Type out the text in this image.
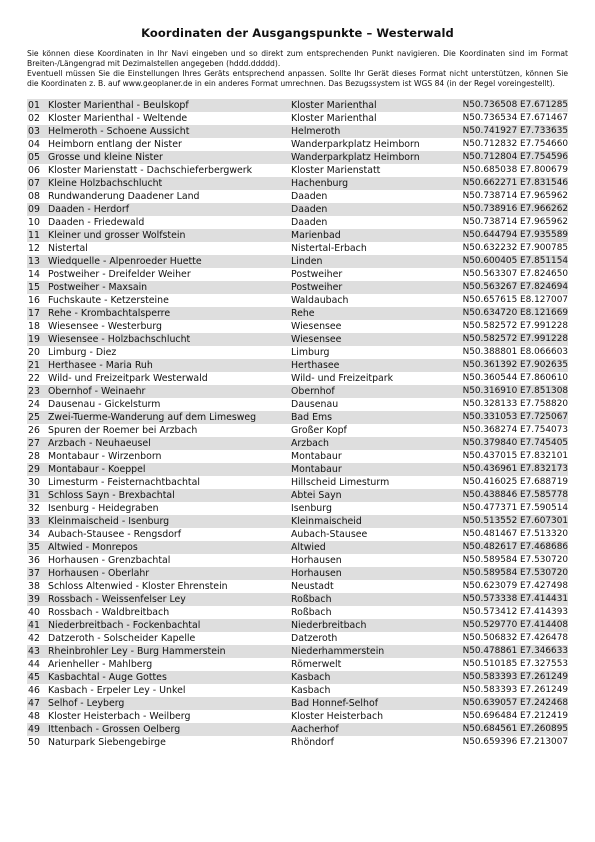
Koordinaten der Ausgangspunkte – Westerwald

Sie können diese Koordinaten in Ihr Navi eingeben und so direkt zum entsprechenden Punkt navigieren. Die Koordinaten sind im Format Breiten-/Längengrad mit Dezimalstellen angegeben (hddd.ddddd).

Eventuell müssen Sie die Einstellungen Ihres Geräts entsprechend anpassen. Sollte Ihr Gerät dieses Format nicht unterstützen, können Sie die Koordinaten z. B. auf www.geoplaner.de in ein anderes Format umrechnen. Das Bezugssystem ist WGS 84 (in der Regel voreingestellt).

01 Kloster Marienthal - Beulskopf	Kloster Marienthal	N50.736508 E7.671285
02 Kloster Marienthal - Weltende	Kloster Marienthal	N50.736534 E7.671467
03 Helmeroth - Schoene Aussicht	Helmeroth	N50.741927 E7.733635
04 Heimborn entlang der Nister	Wanderparkplatz Heimborn	N50.712832 E7.754660
05 Grosse und kleine Nister	Wanderparkplatz Heimborn	N50.712804 E7.754596
06 Kloster Marienstatt - Dachschieferbergwerk	Kloster Marienstatt	N50.685038 E7.800679
07 Kleine Holzbachschlucht	Hachenburg	N50.662271 E7.831546
08 Rundwanderung Daadener Land	Daaden	N50.738714 E7.965962
09 Daaden - Herdorf	Daaden	N50.738916 E7.966262
10 Daaden - Friedewald	Daaden	N50.738714 E7.965962
11 Kleiner und grosser Wolfstein	Marienbad	N50.644794 E7.935589
12 Nistertal	Nistertal-Erbach	N50.632232 E7.900785
13 Wiedquelle - Alpenroeder Huette	Linden	N50.600405 E7.851154
14 Postweiher - Dreifelder Weiher	Postweiher	N50.563307 E7.824650
15 Postweiher - Maxsain	Postweiher	N50.563267 E7.824694
16 Fuchskaute - Ketzersteine	Waldaubach	N50.657615 E8.127007
17 Rehe - Krombachtalsperre	Rehe	N50.634720 E8.121669
18 Wiesensee - Westerburg	Wiesensee	N50.582572 E7.991228
19 Wiesensee - Holzbachschlucht	Wiesensee	N50.582572 E7.991228
20 Limburg - Diez	Limburg	N50.388801 E8.066603
21 Herthasee - Maria Ruh	Herthasee	N50.361392 E7.902635
22 Wild- und Freizeitpark Westerwald	Wild- und Freizeitpark	N50.360544 E7.860610
23 Obernhof - Weinaehr	Obernhof	N50.316910 E7.851308
24 Dausenau - Gickelsturm	Dausenau	N50.328133 E7.758820
25 Zwei-Tuerme-Wanderung auf dem Limesweg	Bad Ems	N50.331053 E7.725067
26 Spuren der Roemer bei Arzbach	Großer Kopf	N50.368274 E7.754073
27 Arzbach - Neuhaeusel	Arzbach	N50.379840 E7.745405
28 Montabaur - Wirzenborn	Montabaur	N50.437015 E7.832101
29 Montabaur - Koeppel	Montabaur	N50.436961 E7.832173
30 Limesturm - Feisternachtbachtal	Hillscheid Limesturm	N50.416025 E7.688719
31 Schloss Sayn - Brexbachtal	Abtei Sayn	N50.438846 E7.585778
32 Isenburg - Heidegraben	Isenburg	N50.477371 E7.590514
33 Kleinmaischeid - Isenburg	Kleinmaischeid	N50.513552 E7.607301
34 Aubach-Stausee - Rengsdorf	Aubach-Stausee	N50.481467 E7.513320
35 Altwied - Monrepos	Altwied	N50.482617 E7.468686
36 Horhausen - Grenzbachtal	Horhausen	N50.589584 E7.530720
37 Horhausen - Oberlahr	Horhausen	N50.589584 E7.530720
38 Schloss Altenwied - Kloster Ehrenstein	Neustadt	N50.623079 E7.427498
39 Rossbach - Weissenfelser Ley	Roßbach	N50.573338 E7.414431
40 Rossbach - Waldbreitbach	Roßbach	N50.573412 E7.414393
41 Niederbreitbach - Fockenbachtal	Niederbreitbach	N50.529770 E7.414408
42 Datzeroth - Solscheider Kapelle	Datzeroth	N50.506832 E7.426478
43 Rheinbrohler Ley - Burg Hammerstein	Niederhammerstein	N50.478861 E7.346633
44 Arienheller - Mahlberg	Römerwelt	N50.510185 E7.327553
45 Kasbachtal - Auge Gottes	Kasbach	N50.583393 E7.261249
46 Kasbach - Erpeler Ley - Unkel	Kasbach	N50.583393 E7.261249
47 Selhof - Leyberg	Bad Honnef-Selhof	N50.639057 E7.242468
48 Kloster Heisterbach - Weilberg	Kloster Heisterbach	N50.696484 E7.212419
49 Ittenbach - Grossen Oelberg	Aacherhof	N50.684561 E7.260895
50 Naturpark Siebengebirge	Rhöndorf	N50.659396 E7.213007
